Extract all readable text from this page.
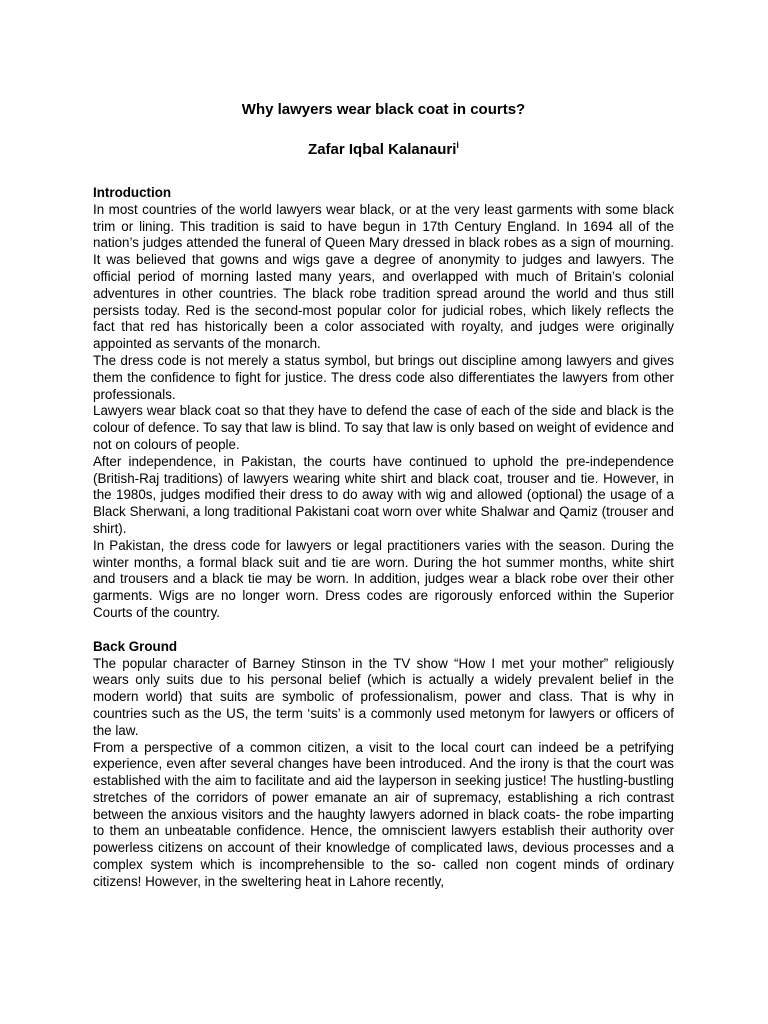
Why lawyers wear black coat in courts?

Zafar Iqbal Kalanauri$^i$

Introduction

In most countries of the world lawyers wear black, or at the very least garments with some black trim or lining. This tradition is said to have begun in 17th Century England. In 1694 all of the nation’s judges attended the funeral of Queen Mary dressed in black robes as a sign of mourning. It was believed that gowns and wigs gave a degree of anonymity to judges and lawyers. The official period of morning lasted many years, and overlapped with much of Britain’s colonial adventures in other countries. The black robe tradition spread around the world and thus still persists today. Red is the second-most popular color for judicial robes, which likely reflects the fact that red has historically been a color associated with royalty, and judges were originally appointed as servants of the monarch.

The dress code is not merely a status symbol, but brings out discipline among lawyers and gives them the confidence to fight for justice. The dress code also differentiates the lawyers from other professionals.

Lawyers wear black coat so that they have to defend the case of each of the side and black is the colour of defence. To say that law is blind. To say that law is only based on weight of evidence and not on colours of people.

After independence, in Pakistan, the courts have continued to uphold the pre-independence (British-Raj traditions) of lawyers wearing white shirt and black coat, trouser and tie. However, in the 1980s, judges modified their dress to do away with wig and allowed (optional) the usage of a Black Sherwani, a long traditional Pakistani coat worn over white Shalwar and Qamiz (trouser and shirt).

In Pakistan, the dress code for lawyers or legal practitioners varies with the season. During the winter months, a formal black suit and tie are worn. During the hot summer months, white shirt and trousers and a black tie may be worn. In addition, judges wear a black robe over their other garments. Wigs are no longer worn. Dress codes are rigorously enforced within the Superior Courts of the country.

Back Ground

The popular character of Barney Stinson in the TV show “How I met your mother” religiously wears only suits due to his personal belief (which is actually a widely prevalent belief in the modern world) that suits are symbolic of professionalism, power and class. That is why in countries such as the US, the term ‘suits’ is a commonly used metonym for lawyers or officers of the law.

From a perspective of a common citizen, a visit to the local court can indeed be a petrifying experience, even after several changes have been introduced. And the irony is that the court was established with the aim to facilitate and aid the layperson in seeking justice! The hustling-bustling stretches of the corridors of power emanate an air of supremacy, establishing a rich contrast between the anxious visitors and the haughty lawyers adorned in black coats- the robe imparting to them an unbeatable confidence. Hence, the omniscient lawyers establish their authority over powerless citizens on account of their knowledge of complicated laws, devious processes and a complex system which is incomprehensible to the so- called non cogent minds of ordinary citizens! However, in the sweltering heat in Lahore recently,
